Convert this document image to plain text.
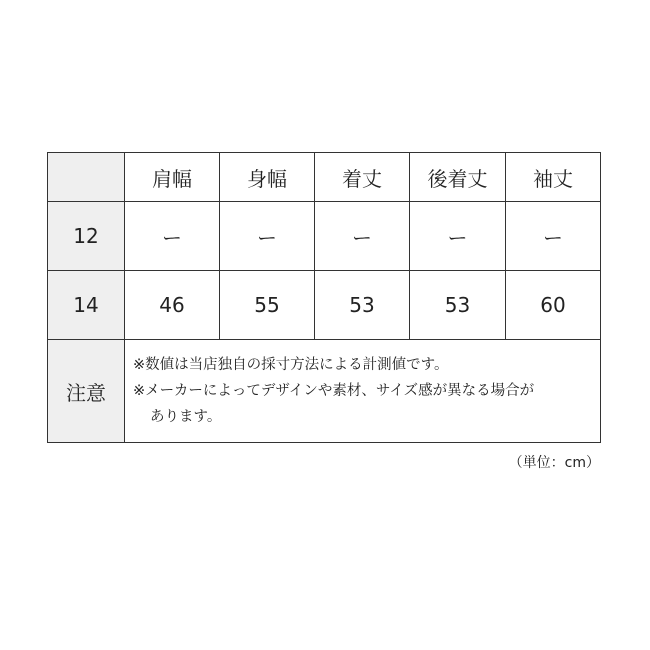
	肩幅	身幅	着丈	後着丈	袖丈
12	ー	ー	ー	ー	ー
14	46	55	53	53	60
注意	※数値は当店独自の採寸方法による計測値です。
※メーカーによってデザインや素材、サイズ感が異なる場合が
あります。				
（単位：cm）
